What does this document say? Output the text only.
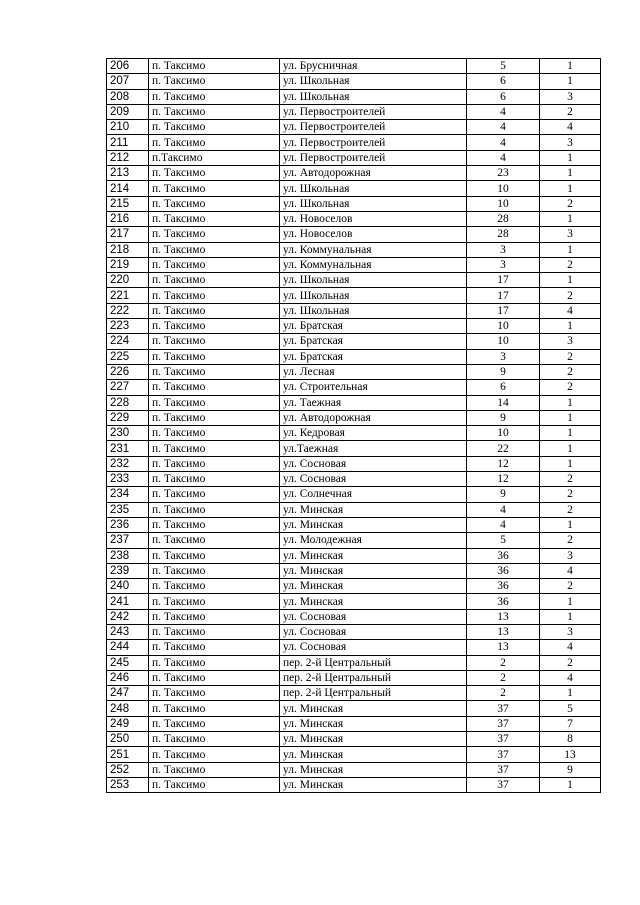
206	п. Таксимо	ул. Брусничная	5	1
207	п. Таксимо	ул. Школьная	6	1
208	п. Таксимо	ул. Школьная	6	3
209	п. Таксимо	ул. Первостроителей	4	2
210	п. Таксимо	ул. Первостроителей	4	4
211	п. Таксимо	ул. Первостроителей	4	3
212	п.Таксимо	ул. Первостроителей	4	1
213	п. Таксимо	ул. Автодорожная	23	1
214	п. Таксимо	ул. Школьная	10	1
215	п. Таксимо	ул. Школьная	10	2
216	п. Таксимо	ул. Новоселов	28	1
217	п. Таксимо	ул. Новоселов	28	3
218	п. Таксимо	ул. Коммунальная	3	1
219	п. Таксимо	ул. Коммунальная	3	2
220	п. Таксимо	ул. Школьная	17	1
221	п. Таксимо	ул. Школьная	17	2
222	п. Таксимо	ул. Школьная	17	4
223	п. Таксимо	ул. Братская	10	1
224	п. Таксимо	ул. Братская	10	3
225	п. Таксимо	ул. Братская	3	2
226	п. Таксимо	ул. Лесная	9	2
227	п. Таксимо	ул. Строительная	6	2
228	п. Таксимо	ул. Таежная	14	1
229	п. Таксимо	ул. Автодорожная	9	1
230	п. Таксимо	ул. Кедровая	10	1
231	п. Таксимо	ул.Таежная	22	1
232	п. Таксимо	ул. Сосновая	12	1
233	п. Таксимо	ул. Сосновая	12	2
234	п. Таксимо	ул. Солнечная	9	2
235	п. Таксимо	ул. Минская	4	2
236	п. Таксимо	ул. Минская	4	1
237	п. Таксимо	ул. Молодежная	5	2
238	п. Таксимо	ул. Минская	36	3
239	п. Таксимо	ул. Минская	36	4
240	п. Таксимо	ул. Минская	36	2
241	п. Таксимо	ул. Минская	36	1
242	п. Таксимо	ул. Сосновая	13	1
243	п. Таксимо	ул. Сосновая	13	3
244	п. Таксимо	ул. Сосновая	13	4
245	п. Таксимо	пер. 2-й Центральный	2	2
246	п. Таксимо	пер. 2-й Центральный	2	4
247	п. Таксимо	пер. 2-й Центральный	2	1
248	п. Таксимо	ул. Минская	37	5
249	п. Таксимо	ул. Минская	37	7
250	п. Таксимо	ул. Минская	37	8
251	п. Таксимо	ул. Минская	37	13
252	п. Таксимо	ул. Минская	37	9
253	п. Таксимо	ул. Минская	37	1
